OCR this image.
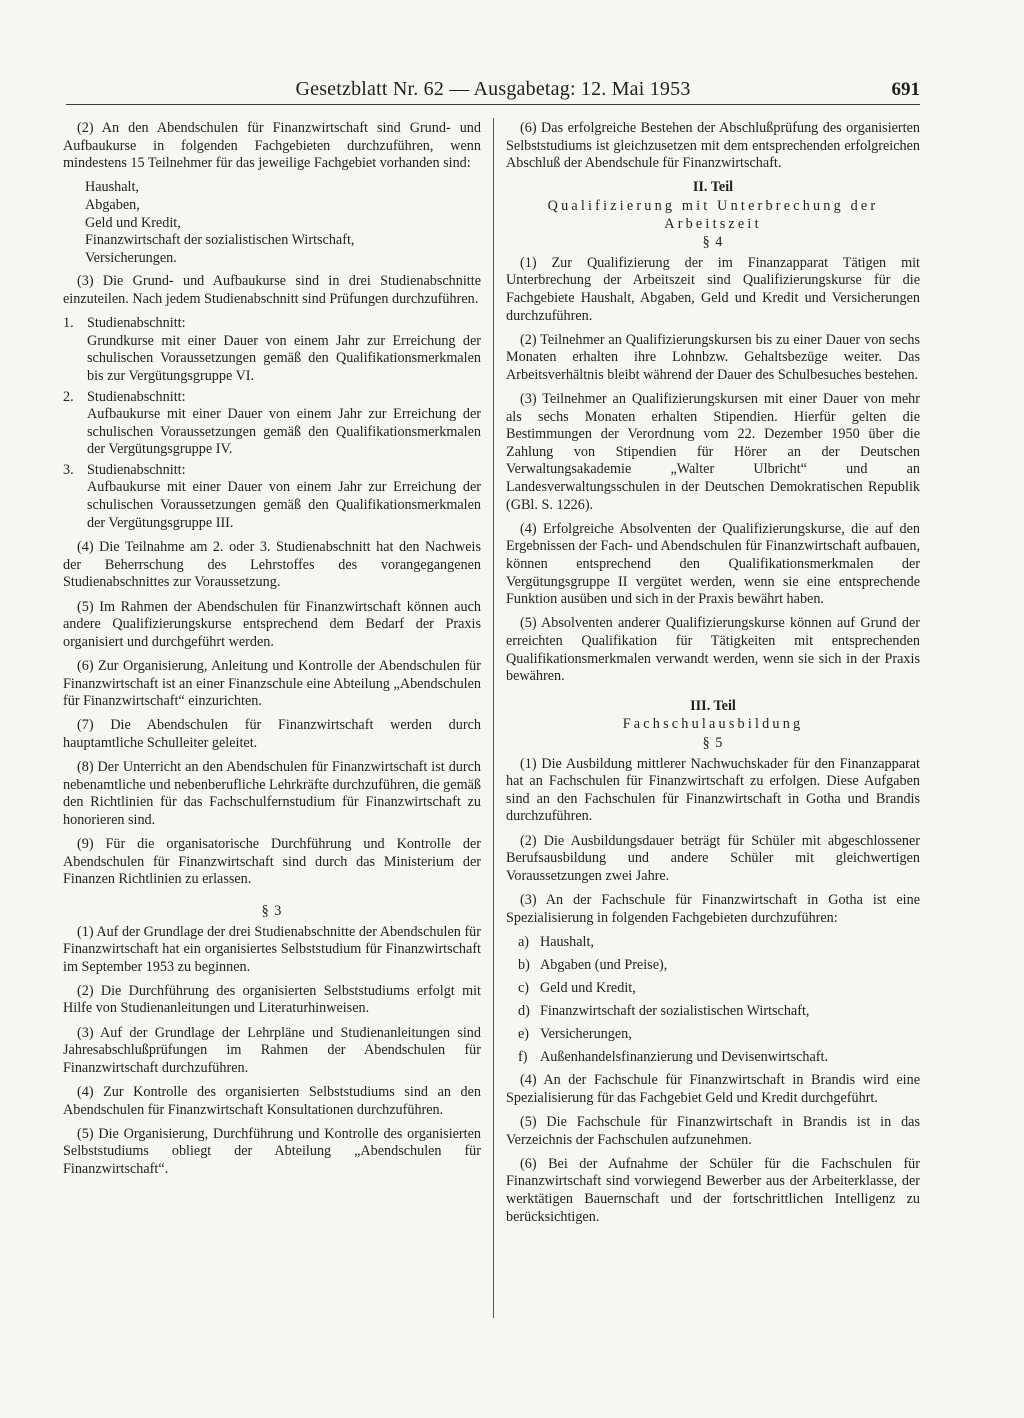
Gesetzblatt Nr. 62 — Ausgabetag: 12. Mai 1953	691

(2) An den Abendschulen für Finanzwirtschaft sind Grund- und Aufbaukurse in folgenden Fachgebieten durchzuführen, wenn mindestens 15 Teilnehmer für das jeweilige Fachgebiet vorhanden sind:

Haushalt,
Abgaben,
Geld und Kredit,
Finanzwirtschaft der sozialistischen Wirtschaft,
Versicherungen.

(3) Die Grund- und Aufbaukurse sind in drei Studienabschnitte einzuteilen. Nach jedem Studienabschnitt sind Prüfungen durchzuführen.

1. Studienabschnitt:
Grundkurse mit einer Dauer von einem Jahr zur Erreichung der schulischen Voraussetzungen gemäß den Qualifikationsmerkmalen bis zur Vergütungsgruppe VI.
2. Studienabschnitt:
Aufbaukurse mit einer Dauer von einem Jahr zur Erreichung der schulischen Voraussetzungen gemäß den Qualifikationsmerkmalen der Vergütungsgruppe IV.
3. Studienabschnitt:
Aufbaukurse mit einer Dauer von einem Jahr zur Erreichung der schulischen Voraussetzungen gemäß den Qualifikationsmerkmalen der Vergütungsgruppe III.

(4) Die Teilnahme am 2. oder 3. Studienabschnitt hat den Nachweis der Beherrschung des Lehrstoffes des vorangegangenen Studienabschnittes zur Voraussetzung.

(5) Im Rahmen der Abendschulen für Finanzwirtschaft können auch andere Qualifizierungskurse entsprechend dem Bedarf der Praxis organisiert und durchgeführt werden.

(6) Zur Organisierung, Anleitung und Kontrolle der Abendschulen für Finanzwirtschaft ist an einer Finanzschule eine Abteilung „Abendschulen für Finanzwirtschaft“ einzurichten.

(7) Die Abendschulen für Finanzwirtschaft werden durch hauptamtliche Schulleiter geleitet.

(8) Der Unterricht an den Abendschulen für Finanzwirtschaft ist durch nebenamtliche und nebenberufliche Lehrkräfte durchzuführen, die gemäß den Richtlinien für das Fachschulfernstudium für Finanzwirtschaft zu honorieren sind.

(9) Für die organisatorische Durchführung und Kontrolle der Abendschulen für Finanzwirtschaft sind durch das Ministerium der Finanzen Richtlinien zu erlassen.

§ 3

(1) Auf der Grundlage der drei Studienabschnitte der Abendschulen für Finanzwirtschaft hat ein organisiertes Selbststudium für Finanzwirtschaft im September 1953 zu beginnen.

(2) Die Durchführung des organisierten Selbststudiums erfolgt mit Hilfe von Studienanleitungen und Literaturhinweisen.

(3) Auf der Grundlage der Lehrpläne und Studienanleitungen sind Jahresabschlußprüfungen im Rahmen der Abendschulen für Finanzwirtschaft durchzuführen.

(4) Zur Kontrolle des organisierten Selbststudiums sind an den Abendschulen für Finanzwirtschaft Konsultationen durchzuführen.

(5) Die Organisierung, Durchführung und Kontrolle des organisierten Selbststudiums obliegt der Abteilung „Abendschulen für Finanzwirtschaft“.

(6) Das erfolgreiche Bestehen der Abschlußprüfung des organisierten Selbststudiums ist gleichzusetzen mit dem entsprechenden erfolgreichen Abschluß der Abendschule für Finanzwirtschaft.

II. Teil
Qualifizierung mit Unterbrechung der Arbeitszeit
§ 4

(1) Zur Qualifizierung der im Finanzapparat Tätigen mit Unterbrechung der Arbeitszeit sind Qualifizierungskurse für die Fachgebiete Haushalt, Abgaben, Geld und Kredit und Versicherungen durchzuführen.

(2) Teilnehmer an Qualifizierungskursen bis zu einer Dauer von sechs Monaten erhalten ihre Lohnbzw. Gehaltsbezüge weiter. Das Arbeitsverhältnis bleibt während der Dauer des Schulbesuches bestehen.

(3) Teilnehmer an Qualifizierungskursen mit einer Dauer von mehr als sechs Monaten erhalten Stipendien. Hierfür gelten die Bestimmungen der Verordnung vom 22. Dezember 1950 über die Zahlung von Stipendien für Hörer an der Deutschen Verwaltungsakademie „Walter Ulbricht“ und an Landesverwaltungsschulen in der Deutschen Demokratischen Republik (GBl. S. 1226).

(4) Erfolgreiche Absolventen der Qualifizierungskurse, die auf den Ergebnissen der Fach- und Abendschulen für Finanzwirtschaft aufbauen, können entsprechend den Qualifikationsmerkmalen der Vergütungsgruppe II vergütet werden, wenn sie eine entsprechende Funktion ausüben und sich in der Praxis bewährt haben.

(5) Absolventen anderer Qualifizierungskurse können auf Grund der erreichten Qualifikation für Tätigkeiten mit entsprechenden Qualifikationsmerkmalen verwandt werden, wenn sie sich in der Praxis bewähren.

III. Teil
Fachschulausbildung
§ 5

(1) Die Ausbildung mittlerer Nachwuchskader für den Finanzapparat hat an Fachschulen für Finanzwirtschaft zu erfolgen. Diese Aufgaben sind an den Fachschulen für Finanzwirtschaft in Gotha und Brandis durchzuführen.

(2) Die Ausbildungsdauer beträgt für Schüler mit abgeschlossener Berufsausbildung und andere Schüler mit gleichwertigen Voraussetzungen zwei Jahre.

(3) An der Fachschule für Finanzwirtschaft in Gotha ist eine Spezialisierung in folgenden Fachgebieten durchzuführen:

a) Haushalt,
b) Abgaben (und Preise),
c) Geld und Kredit,
d) Finanzwirtschaft der sozialistischen Wirtschaft,
e) Versicherungen,
f) Außenhandelsfinanzierung und Devisenwirtschaft.

(4) An der Fachschule für Finanzwirtschaft in Brandis wird eine Spezialisierung für das Fachgebiet Geld und Kredit durchgeführt.

(5) Die Fachschule für Finanzwirtschaft in Brandis ist in das Verzeichnis der Fachschulen aufzunehmen.

(6) Bei der Aufnahme der Schüler für die Fachschulen für Finanzwirtschaft sind vorwiegend Bewerber aus der Arbeiterklasse, der werktätigen Bauernschaft und der fortschrittlichen Intelligenz zu berücksichtigen.
